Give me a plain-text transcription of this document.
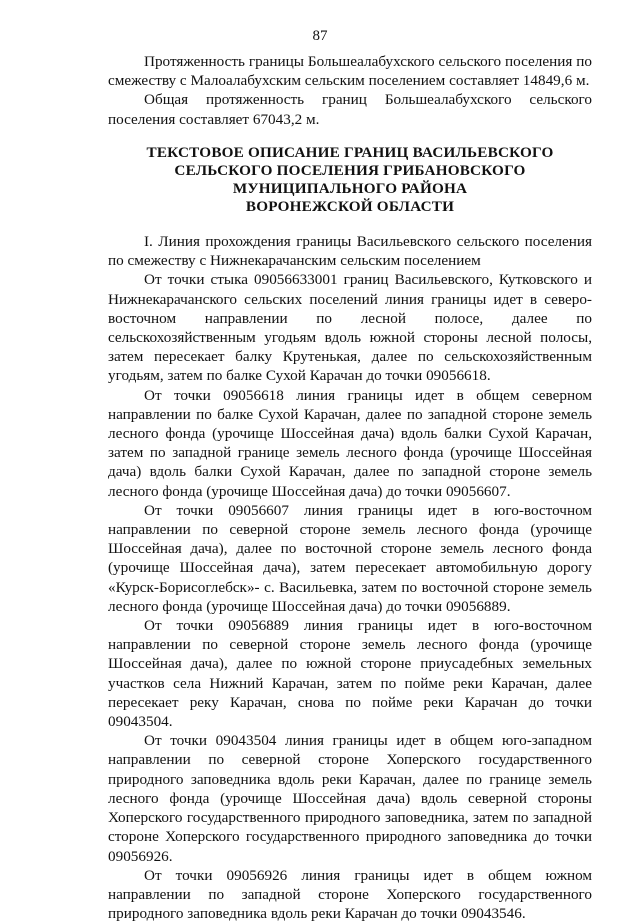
87

Протяженность границы Большеалабухского сельского поселения по смежеству с Малоалабухским сельским поселением составляет 14849,6 м.

Общая протяженность границ Большеалабухского сельского поселения составляет 67043,2 м.

ТЕКСТОВОЕ ОПИСАНИЕ ГРАНИЦ ВАСИЛЬЕВСКОГО
СЕЛЬСКОГО ПОСЕЛЕНИЯ ГРИБАНОВСКОГО
МУНИЦИПАЛЬНОГО РАЙОНА
ВОРОНЕЖСКОЙ ОБЛАСТИ

I. Линия прохождения границы Васильевского сельского поселения по смежеству с Нижнекарачанским сельским поселением

От точки стыка 09056633001 границ Васильевского, Кутковского и Нижнекарачанского сельских поселений линия границы идет в северо-восточном направлении по лесной полосе, далее по сельскохозяйственным угодьям вдоль южной стороны лесной полосы, затем пересекает балку Крутенькая, далее по сельскохозяйственным угодьям, затем по балке Сухой Карачан до точки 09056618.

От точки 09056618 линия границы идет в общем северном направлении по балке Сухой Карачан, далее по западной стороне земель лесного фонда (урочище Шоссейная дача) вдоль балки Сухой Карачан, затем по западной границе земель лесного фонда (урочище Шоссейная дача) вдоль балки Сухой Карачан, далее по западной стороне земель лесного фонда (урочище Шоссейная дача) до точки 09056607.

От точки 09056607 линия границы идет в юго-восточном направлении по северной стороне земель лесного фонда (урочище Шоссейная дача), далее по восточной стороне земель лесного фонда (урочище Шоссейная дача), затем пересекает автомобильную дорогу «Курск-Борисоглебск»- с. Васильевка, затем по восточной стороне земель лесного фонда (урочище Шоссейная дача) до точки 09056889.

От точки 09056889 линия границы идет в юго-восточном направлении по северной стороне земель лесного фонда (урочище Шоссейная дача), далее по южной стороне приусадебных земельных участков села Нижний Карачан, затем по пойме реки Карачан, далее пересекает реку Карачан, снова по пойме реки Карачан до точки 09043504.

От точки 09043504 линия границы идет в общем юго-западном направлении по северной стороне Хоперского государственного природного заповедника вдоль реки Карачан, далее по границе земель лесного фонда (урочище Шоссейная дача) вдоль северной стороны Хоперского государственного природного заповедника, затем по западной стороне Хоперского государственного природного заповедника до точки 09056926.

От точки 09056926 линия границы идет в общем южном направлении по западной стороне Хоперского государственного природного заповедника вдоль реки Карачан до точки 09043546.
